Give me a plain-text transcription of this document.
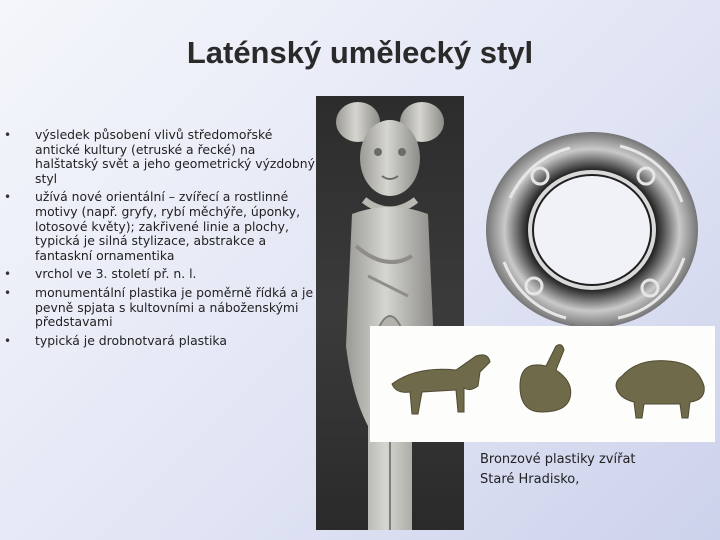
Laténský umělecký styl
• výsledek působení vlivů středomořské antické kultury (etruské a řecké) na halštatský svět a jeho geometrický výzdobný styl
• užívá nové orientální – zvířecí a rostlinné motivy (např. gryfy, rybí měchýře, úponky, lotosové květy); zakřivené linie a plochy, typická je silná stylizace, abstrakce a fantaskní ornamentika
• vrchol ve 3. století př. n. l.
• monumentální plastika je poměrně řídká a je pevně spjata s kultovními a náboženskými představami
• typická je drobnotvará plastika
Bronzové plastiky zvířat
Staré Hradisko,
